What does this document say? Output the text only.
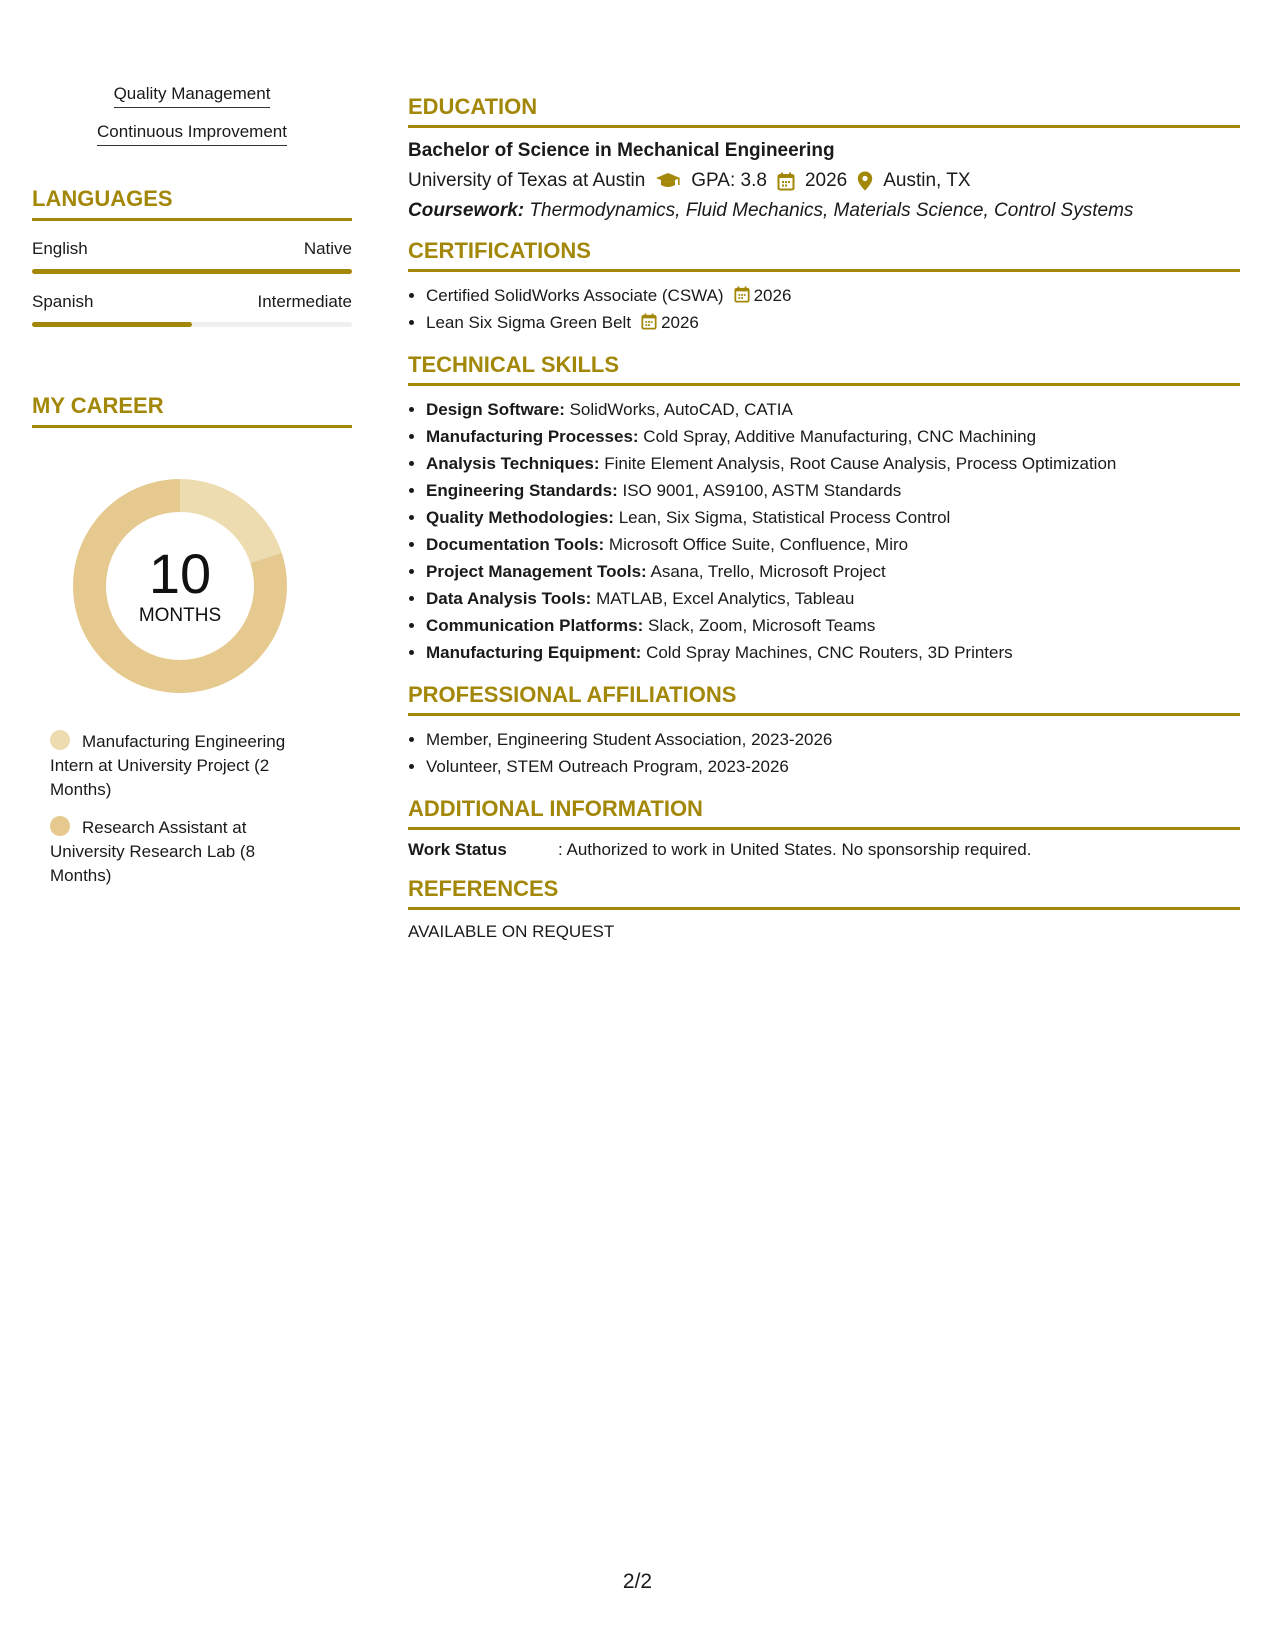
Quality Management
Continuous Improvement
LANGUAGES
English	Native
Spanish	Intermediate
MY CAREER
10
MONTHS
Manufacturing Engineering Intern at University Project (2 Months)
Research Assistant at University Research Lab (8 Months)
EDUCATION
Bachelor of Science in Mechanical Engineering
University of Texas at Austin GPA: 3.8 2026 Austin, TX
Coursework: Thermodynamics, Fluid Mechanics, Materials Science, Control Systems
CERTIFICATIONS
• Certified SolidWorks Associate (CSWA) 2026
• Lean Six Sigma Green Belt 2026
TECHNICAL SKILLS
• Design Software: SolidWorks, AutoCAD, CATIA
• Manufacturing Processes: Cold Spray, Additive Manufacturing, CNC Machining
• Analysis Techniques: Finite Element Analysis, Root Cause Analysis, Process Optimization
• Engineering Standards: ISO 9001, AS9100, ASTM Standards
• Quality Methodologies: Lean, Six Sigma, Statistical Process Control
• Documentation Tools: Microsoft Office Suite, Confluence, Miro
• Project Management Tools: Asana, Trello, Microsoft Project
• Data Analysis Tools: MATLAB, Excel Analytics, Tableau
• Communication Platforms: Slack, Zoom, Microsoft Teams
• Manufacturing Equipment: Cold Spray Machines, CNC Routers, 3D Printers
PROFESSIONAL AFFILIATIONS
• Member, Engineering Student Association, 2023-2026
• Volunteer, STEM Outreach Program, 2023-2026
ADDITIONAL INFORMATION
Work Status	: Authorized to work in United States. No sponsorship required.
REFERENCES
AVAILABLE ON REQUEST
2/2
